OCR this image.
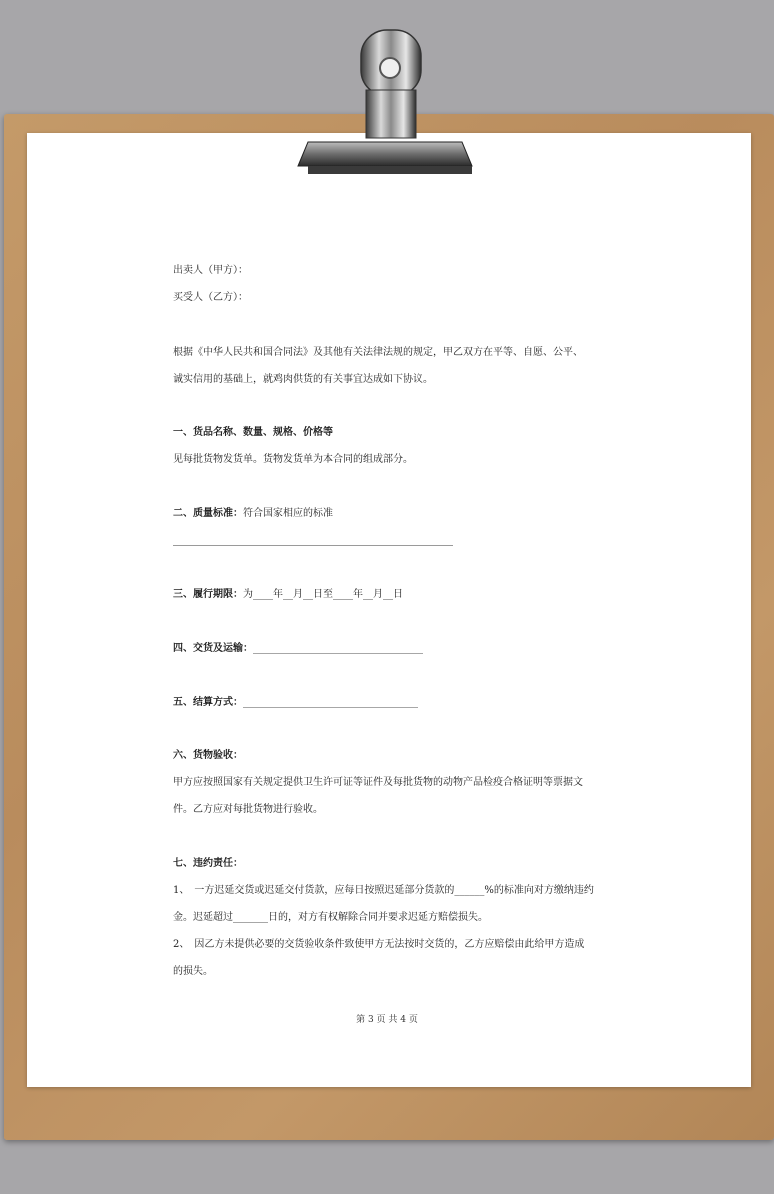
出卖人（甲方）：
买受人（乙方）：
根据《中华人民共和国合同法》及其他有关法律法规的规定，甲乙双方在平等、自愿、公平、
诚实信用的基础上，就鸡肉供货的有关事宜达成如下协议。
一、货品名称、数量、规格、价格等
见每批货物发货单。货物发货单为本合同的组成部分。
二、质量标准：符合国家相应的标准
三、履行期限：为____年__月__日至____年__月__日
四、交货及运输：__________________________________
五、结算方式：___________________________________
六、货物验收：
甲方应按照国家有关规定提供卫生许可证等证件及每批货物的动物产品检疫合格证明等票据文
件。乙方应对每批货物进行验收。
七、违约责任：
1、　一方迟延交货或迟延交付货款，应每日按照迟延部分货款的______%的标准向对方缴纳违约
金。迟延超过_______日的，对方有权解除合同并要求迟延方赔偿损失。
2、　因乙方未提供必要的交货验收条件致使甲方无法按时交货的，乙方应赔偿由此给甲方造成
的损失。
第 3 页 共 4 页
